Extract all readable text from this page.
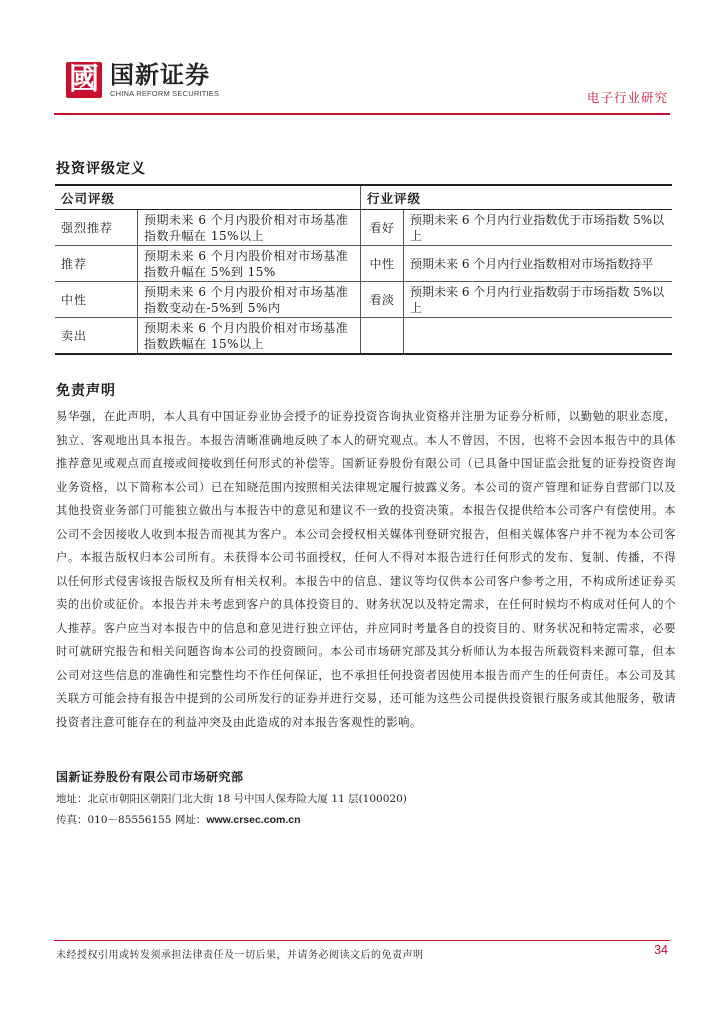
國 国新证券
CHINA REFORM SECURITIES	电子行业研究
投资评级定义
公司评级		行业评级	
强烈推荐	预期未来 6 个月内股价相对市场基准指数升幅在 15%以上	看好	预期未来 6 个月内行业指数优于市场指数 5%以上
推荐	预期未来 6 个月内股价相对市场基准指数升幅在 5%到 15%	中性	预期未来 6 个月内行业指数相对市场指数持平
中性	预期未来 6 个月内股价相对市场基准指数变动在-5%到 5%内	看淡	预期未来 6 个月内行业指数弱于市场指数 5%以上
卖出	预期未来 6 个月内股价相对市场基准指数跌幅在 15%以上		
免责声明
易华强，在此声明，本人具有中国证券业协会授予的证券投资咨询执业资格并注册为证券分析师，以勤勉的职业态度，独立、客观地出具本报告。本报告清晰准确地反映了本人的研究观点。本人不曾因，不因，也将不会因本报告中的具体推荐意见或观点而直接或间接收到任何形式的补偿等。国新证券股份有限公司（已具备中国证监会批复的证券投资咨询业务资格，以下简称本公司）已在知晓范围内按照相关法律规定履行披露义务。本公司的资产管理和证券自营部门以及其他投资业务部门可能独立做出与本报告中的意见和建议不一致的投资决策。本报告仅提供给本公司客户有偿使用。本公司不会因接收人收到本报告而视其为客户。本公司会授权相关媒体刊登研究报告，但相关媒体客户并不视为本公司客户。本报告版权归本公司所有。未获得本公司书面授权，任何人不得对本报告进行任何形式的发布、复制、传播，不得以任何形式侵害该报告版权及所有相关权利。本报告中的信息、建议等均仅供本公司客户参考之用，不构成所述证券买卖的出价或征价。本报告并未考虑到客户的具体投资目的、财务状况以及特定需求，在任何时候均不构成对任何人的个人推荐。客户应当对本报告中的信息和意见进行独立评估，并应同时考量各自的投资目的、财务状况和特定需求，必要时可就研究报告和相关问题咨询本公司的投资顾问。本公司市场研究部及其分析师认为本报告所载资料来源可靠，但本公司对这些信息的准确性和完整性均不作任何保证，也不承担任何投资者因使用本报告而产生的任何责任。本公司及其关联方可能会持有报告中提到的公司所发行的证券并进行交易，还可能为这些公司提供投资银行服务或其他服务，敬请投资者注意可能存在的利益冲突及由此造成的对本报告客观性的影响。
国新证券股份有限公司市场研究部
地址：北京市朝阳区朝阳门北大街 18 号中国人保寿险大厦 11 层(100020)
传真：010－85556155 网址：www.crsec.com.cn
未经授权引用或转发须承担法律责任及一切后果，并请务必阅读文后的免责声明	34
